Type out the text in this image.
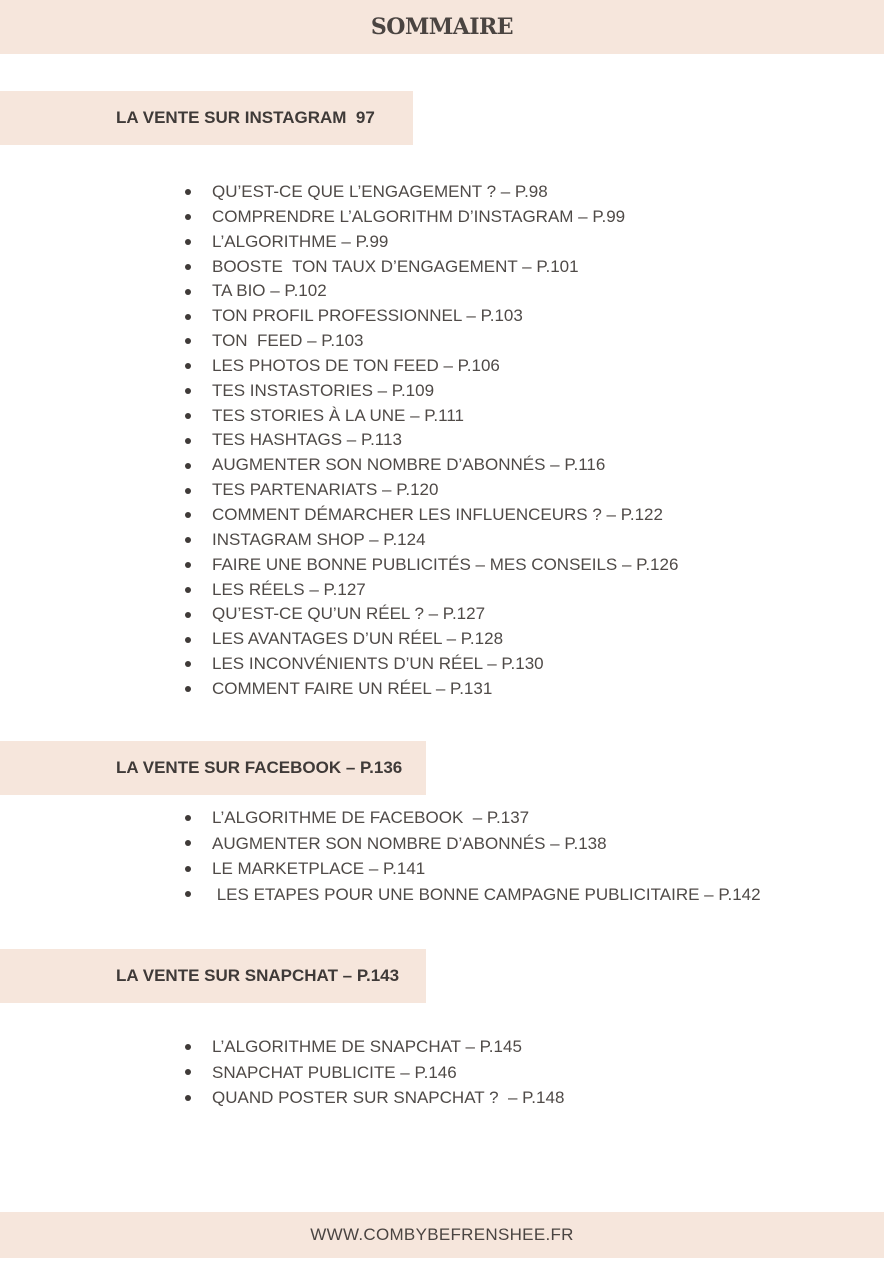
SOMMAIRE
LA VENTE SUR INSTAGRAM  97
QU’EST-CE QUE L’ENGAGEMENT ? – P.98
COMPRENDRE L’ALGORITHM D’INSTAGRAM – P.99
L’ALGORITHME – P.99
BOOSTE  TON TAUX D’ENGAGEMENT – P.101
TA BIO – P.102
TON PROFIL PROFESSIONNEL – P.103
TON  FEED – P.103
LES PHOTOS DE TON FEED – P.106
TES INSTASTORIES – P.109
TES STORIES À LA UNE – P.111
TES HASHTAGS – P.113
AUGMENTER SON NOMBRE D’ABONNÉS – P.116
TES PARTENARIATS – P.120
COMMENT DÉMARCHER LES INFLUENCEURS ? – P.122
INSTAGRAM SHOP – P.124
FAIRE UNE BONNE PUBLICITÉS – MES CONSEILS – P.126
LES RÉELS – P.127
QU’EST-CE QU’UN RÉEL ? – P.127
LES AVANTAGES D’UN RÉEL – P.128
LES INCONVÉNIENTS D’UN RÉEL – P.130
COMMENT FAIRE UN RÉEL – P.131
LA VENTE SUR FACEBOOK – P.136
L’ALGORITHME DE FACEBOOK  – P.137
AUGMENTER SON NOMBRE D’ABONNÉS – P.138
LE MARKETPLACE – P.141
LES ETAPES POUR UNE BONNE CAMPAGNE PUBLICITAIRE – P.142
LA VENTE SUR SNAPCHAT – P.143
L’ALGORITHME DE SNAPCHAT – P.145
SNAPCHAT PUBLICITE – P.146
QUAND POSTER SUR SNAPCHAT ?  – P.148
WWW.COMBYBEFRENSHEE.FR
